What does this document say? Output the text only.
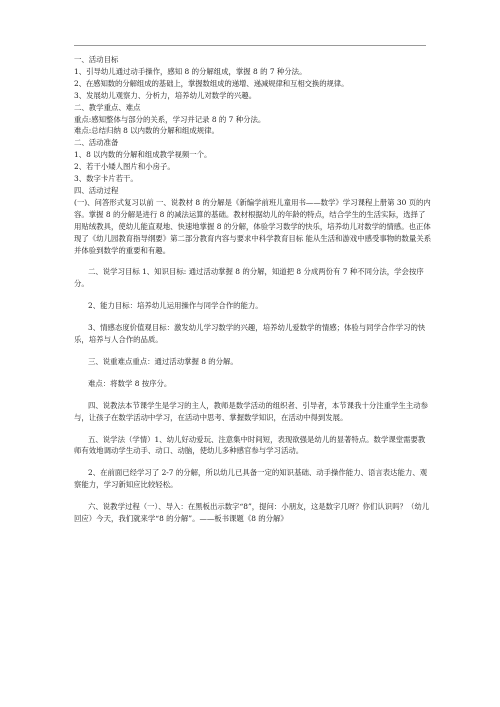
一、活动目标

1、引导幼儿通过动手操作，感知 8 的分解组成，掌握 8 的 7 种分法。

2、在感知数的分解组成的基础上，掌握数组成的递增、递减规律和互相交换的规律。

3、发展幼儿观察力、分析力，培养幼儿对数学的兴趣。

二、教学重点、难点

重点:感知整体与部分的关系，学习并记录 8 的 7 种分法。

难点:总结归纳 8 以内数的分解和组成规律。

二、活动准备

1、8 以内数的分解和组成教学视频一个。

2、若干小矮人图片和小房子。

3、数字卡片若干。

四、活动过程

(一)、问答形式复习以前 一、说教材 8 的分解是《新编学前班儿童用书——数学》学习课程上册第 30 页的内容。掌握 8 的分解是进行 8 的减法运算的基础。教材根据幼儿的年龄的特点，结合学生的生活实际，选择了用贴绒教具，使幼儿能直观地、快速地掌握 8 的分解，体验学习数学的快乐，培养幼儿对数学的情感。也正体现了《幼儿园教育指导纲要》第二部分教育内容与要求中科学教育目标 能从生活和游戏中感受事物的数量关系并体验到数学的重要和有趣。

二、说学习目标 1、知识目标: 通过活动掌握 8 的分解，知道把 8 分成两份有 7 种不同分法，学会按序分。

2、能力目标：培养幼儿运用操作与同学合作的能力。

3、情感态度价值观目标：激发幼儿学习数学的兴趣，培养幼儿爱数学的情感；体验与同学合作学习的快乐，培养与人合作的品质。

三、说重难点重点：通过活动掌握 8 的分解。

难点：将数学 8 按序分。

四、说教法本节课学生是学习的主人，教师是数学活动的组织者、引导者，本节课我十分注重学生主动参与，让孩子在数学活动中学习，在活动中思考、掌握数学知识，在活动中得到发展。

五、说学法（学情）1、幼儿好动爱玩、注意集中时间短，表现欲强是幼儿的显著特点。数学课堂需要教师有效地调动学生动手、动口、动脑，使幼儿多种感官参与学习活动。

2、在前面已经学习了 2-7 的分解，所以幼儿已具备一定的知识基础、动手操作能力、语言表达能力、观察能力，学习新知应比较轻松。

六、说教学过程（一）、导入：在黑板出示数字“8”，提问：小朋友，这是数字几呀？你们认识吗？（幼儿回应）今天，我们就来学“8 的分解”。——板书课题《8 的分解》
